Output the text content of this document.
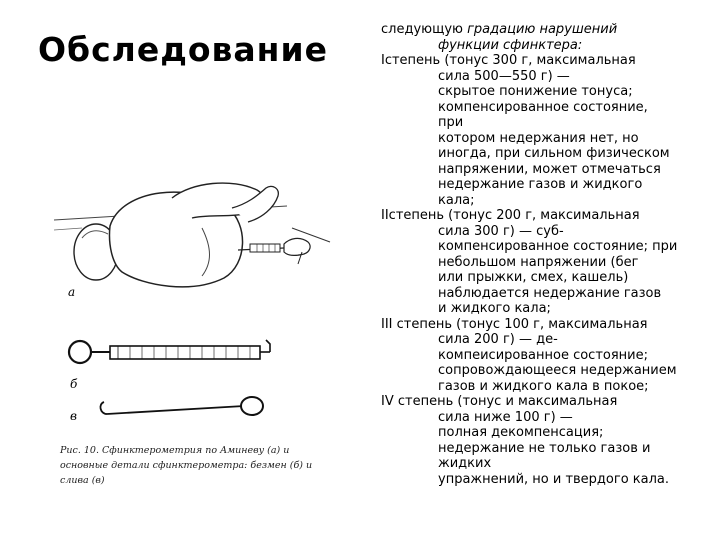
Обследование
а
б
в
Рис. 10. Сфинктерометрия по Аминеву (а) и основные детали сфинктерометра: безмен (б) и слива (в)

следующую градацию нарушений

функции сфинктера:

Iстепень (тонус 300 г, максимальная

сила 500—550 г) —

скрытое понижение тонуса;

компенсированное состояние,

при

котором недержания нет, но

иногда, при сильном физическом

напряжении, может отмечаться

недержание газов и жидкого

кала;

IIстепень (тонус 200 г, максимальная

сила 300 г) — суб-

компенсированное состояние; при

небольшом напряжении (бег

или прыжки, смех, кашель)

наблюдается недержание газов

и жидкого кала;

III степень (тонус 100 г, максимальная

сила 200 г) — де-

компеисированное состояние;

сопровождающееся недержанием

газов и жидкого кала в покое;

IV степень (тонус и максимальная

сила ниже 100 г) —

полная декомпенсация;

недержание не только газов и

жидких

упражнений, но и твердого кала.
